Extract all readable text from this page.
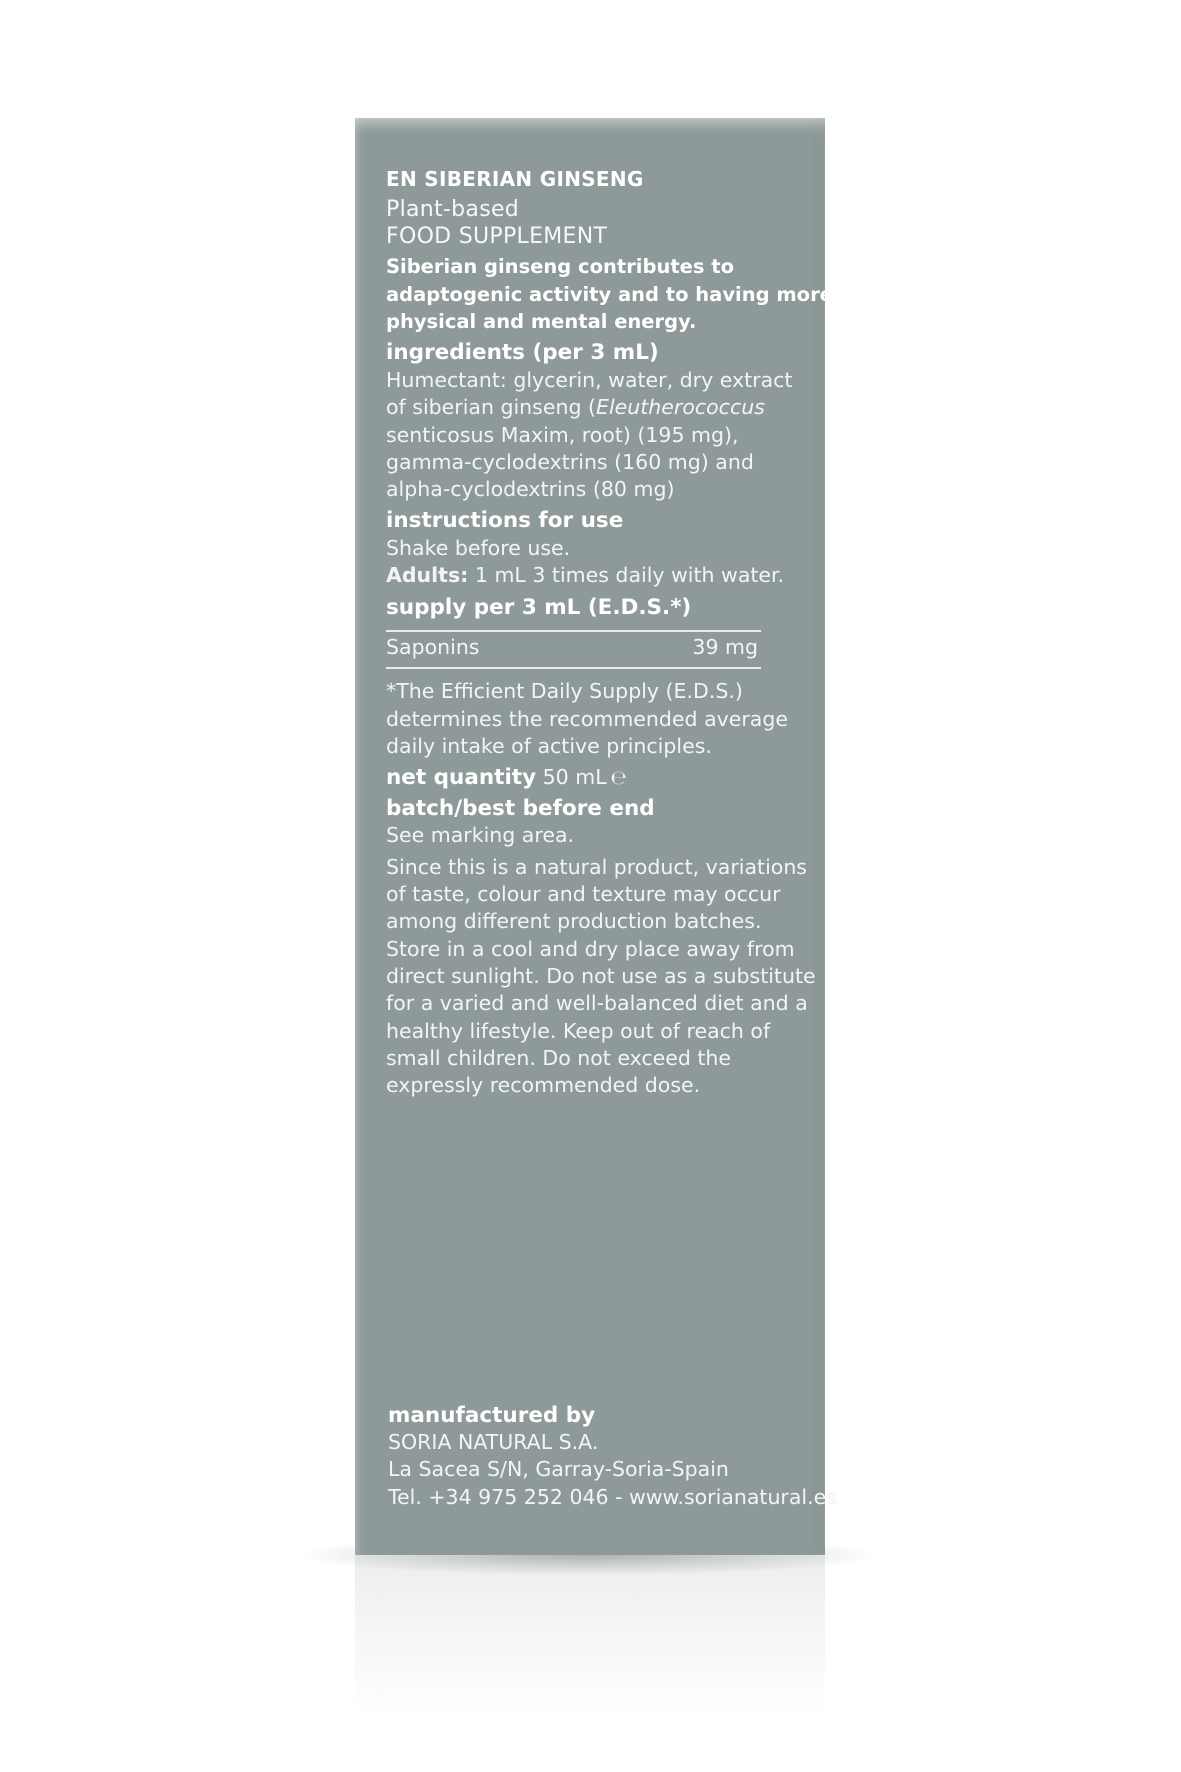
EN SIBERIAN GINSENG
Plant-based
FOOD SUPPLEMENT
Siberian ginseng contributes to
adaptogenic activity and to having more
physical and mental energy.
ingredients (per 3 mL)
Humectant: glycerin, water, dry extract
of siberian ginseng (Eleutherococcus
senticosus Maxim, root) (195 mg),
gamma-cyclodextrins (160 mg) and
alpha-cyclodextrins (80 mg)
instructions for use
Shake before use.
Adults: 1 mL 3 times daily with water.
supply per 3 mL (E.D.S.*)
Saponins	39 mg
*The Efficient Daily Supply (E.D.S.)
determines the recommended average
daily intake of active principles.
net quantity 50 mL ℮
batch/best before end
See marking area.
Since this is a natural product, variations
of taste, colour and texture may occur
among different production batches.
Store in a cool and dry place away from
direct sunlight. Do not use as a substitute
for a varied and well-balanced diet and a
healthy lifestyle. Keep out of reach of
small children. Do not exceed the
expressly recommended dose.
manufactured by
SORIA NATURAL S.A.
La Sacea S/N, Garray-Soria-Spain
Tel. +34 975 252 046 - www.sorianatural.es
